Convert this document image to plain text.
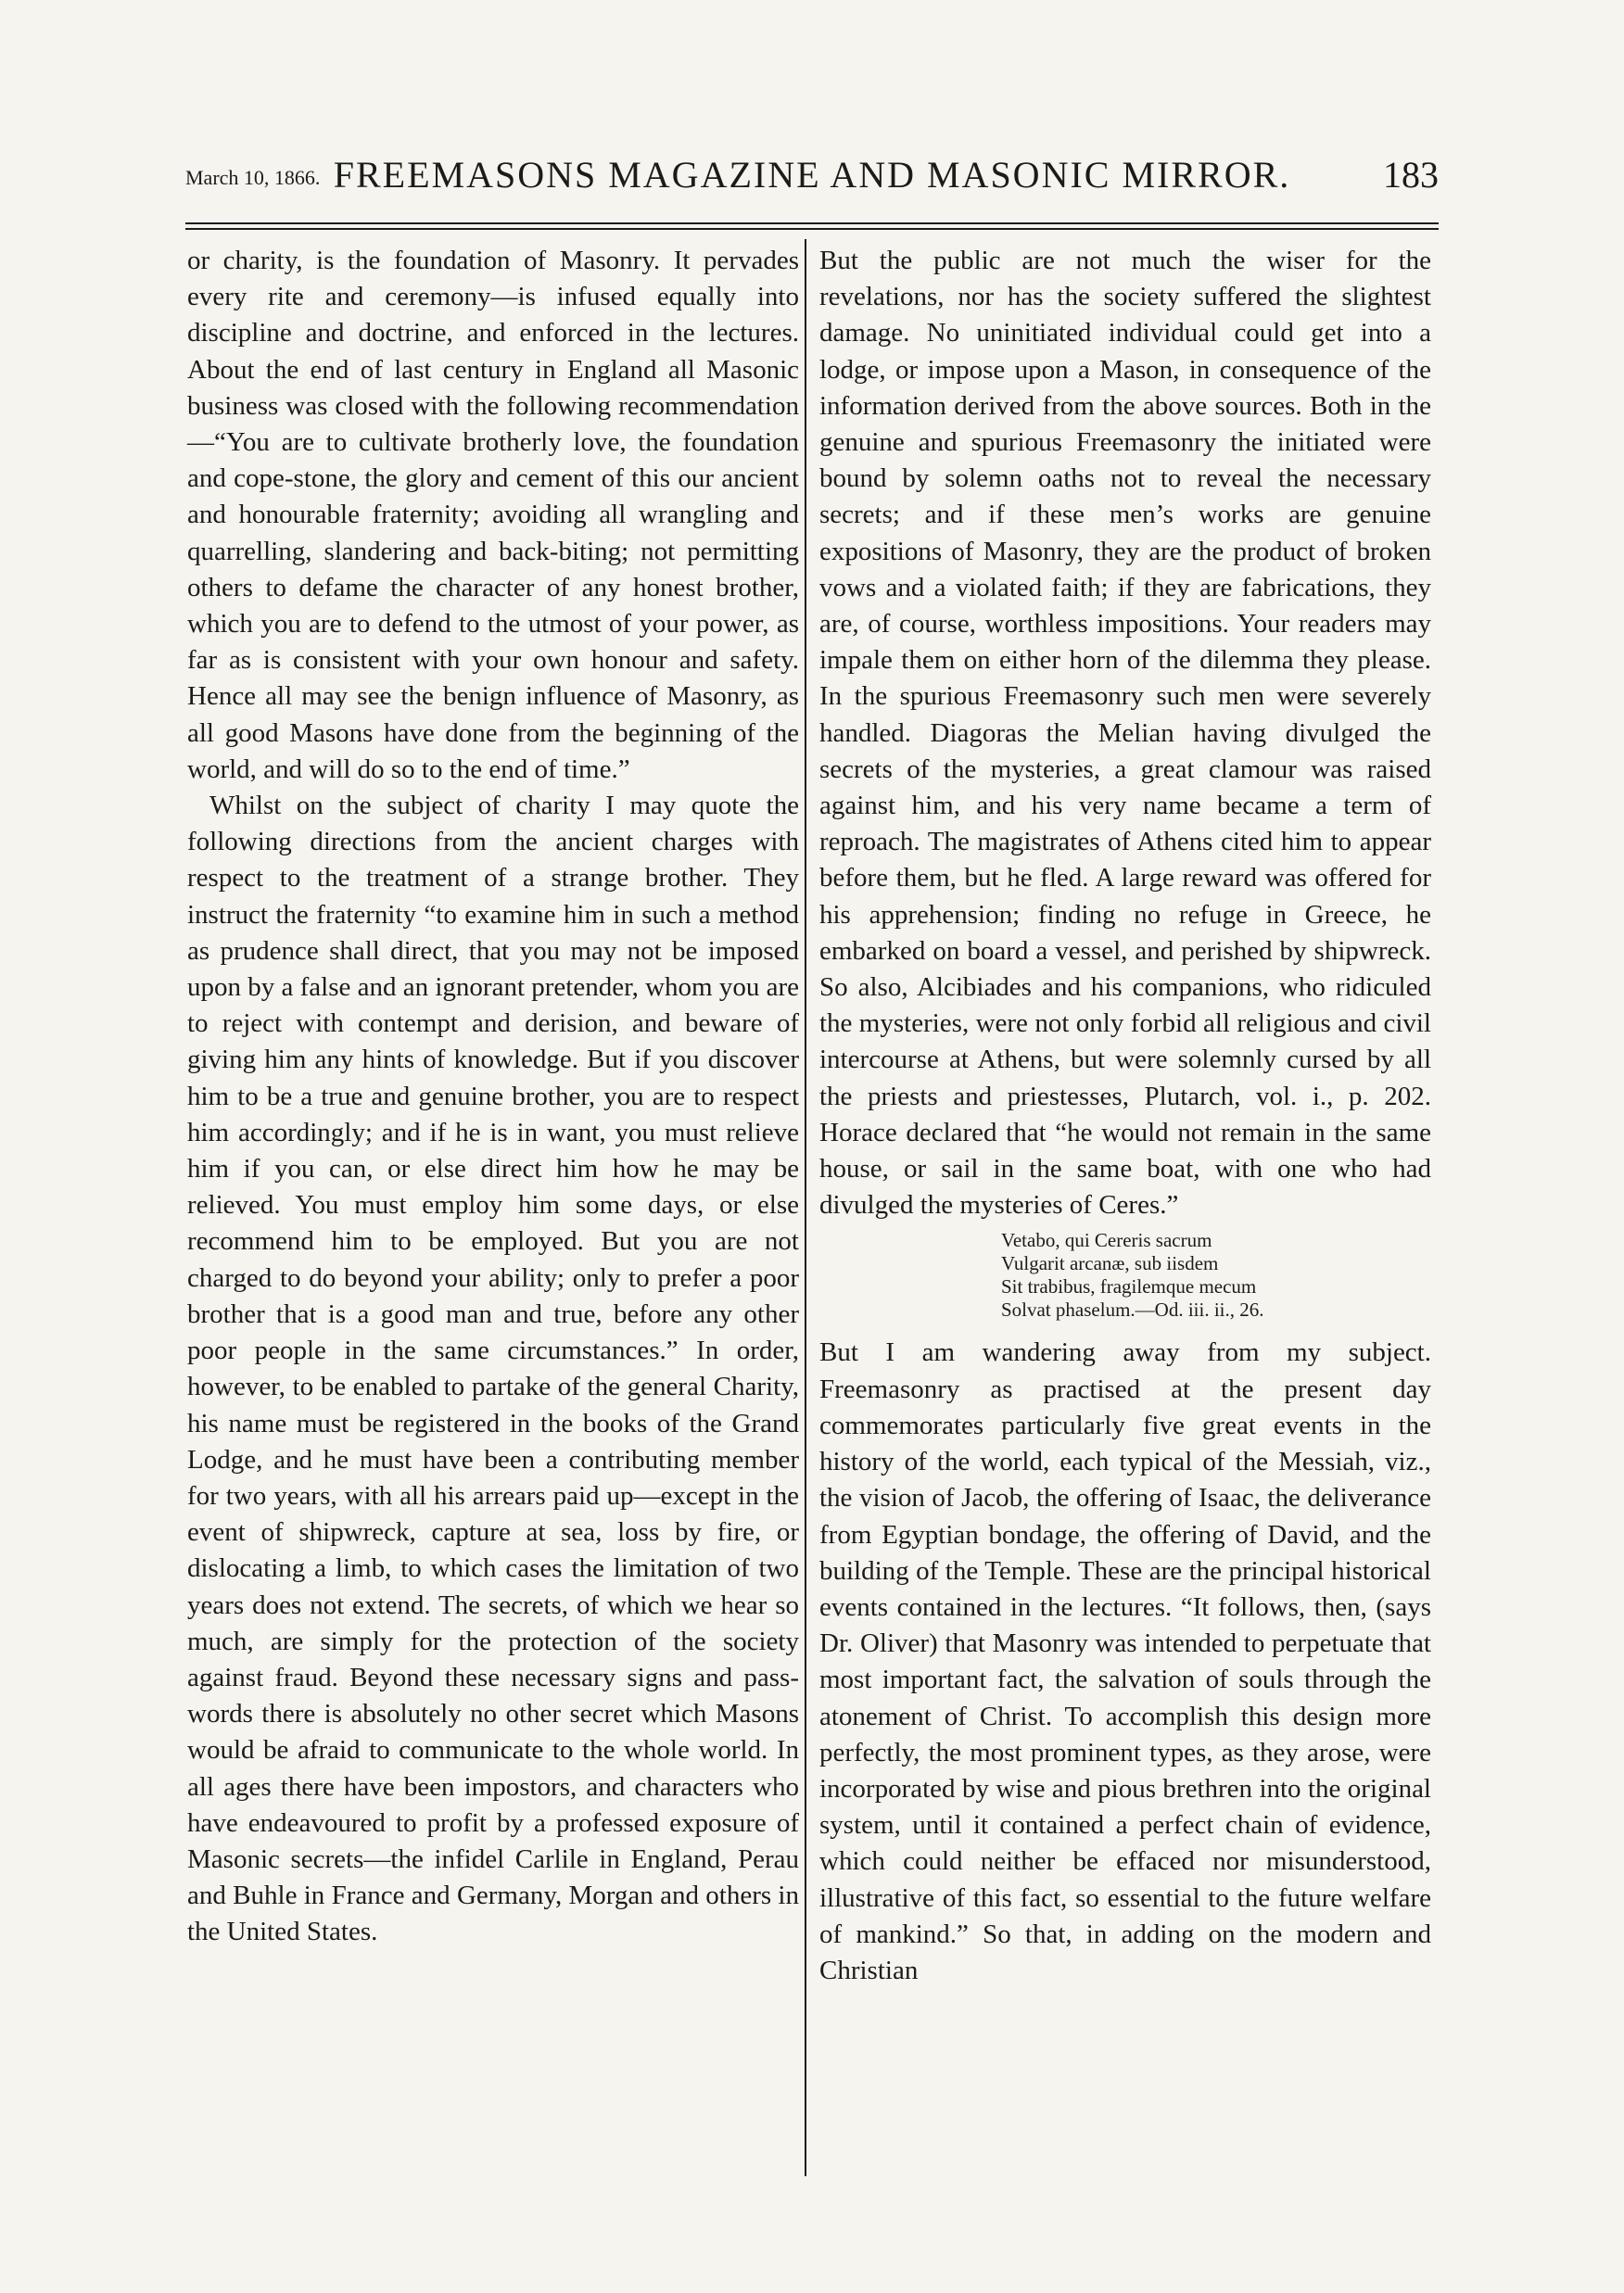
March 10, 1866. FREEMASONS MAGAZINE AND MASONIC MIRROR.	183

or charity, is the foundation of Masonry. It pervades every rite and ceremony—is infused equally into discipline and doctrine, and enforced in the lectures. About the end of last century in England all Masonic business was closed with the following recommendation—“You are to cultivate brotherly love, the foundation and cope-stone, the glory and cement of this our ancient and honourable fraternity; avoiding all wrangling and quarrelling, slandering and back-biting; not permitting others to defame the character of any honest brother, which you are to defend to the utmost of your power, as far as is consistent with your own honour and safety. Hence all may see the benign influence of Masonry, as all good Masons have done from the beginning of the world, and will do so to the end of time.”

Whilst on the subject of charity I may quote the following directions from the ancient charges with respect to the treatment of a strange brother. They instruct the fraternity “to examine him in such a method as prudence shall direct, that you may not be imposed upon by a false and an ignorant pretender, whom you are to reject with contempt and derision, and beware of giving him any hints of knowledge. But if you discover him to be a true and genuine brother, you are to respect him accordingly; and if he is in want, you must relieve him if you can, or else direct him how he may be relieved. You must employ him some days, or else recommend him to be employed. But you are not charged to do beyond your ability; only to prefer a poor brother that is a good man and true, before any other poor people in the same circumstances.” In order, however, to be enabled to partake of the general Charity, his name must be registered in the books of the Grand Lodge, and he must have been a contributing member for two years, with all his arrears paid up—except in the event of shipwreck, capture at sea, loss by fire, or dislocating a limb, to which cases the limitation of two years does not extend. The secrets, of which we hear so much, are simply for the protection of the society against fraud. Beyond these necessary signs and pass-words there is absolutely no other secret which Masons would be afraid to communicate to the whole world. In all ages there have been impostors, and characters who have endeavoured to profit by a professed exposure of Masonic secrets—the infidel Carlile in England, Perau and Buhle in France and Germany, Morgan and others in the United States.

But the public are not much the wiser for the revelations, nor has the society suffered the slightest damage. No uninitiated individual could get into a lodge, or impose upon a Mason, in consequence of the information derived from the above sources. Both in the genuine and spurious Freemasonry the initiated were bound by solemn oaths not to reveal the necessary secrets; and if these men’s works are genuine expositions of Masonry, they are the product of broken vows and a violated faith; if they are fabrications, they are, of course, worthless impositions. Your readers may impale them on either horn of the dilemma they please. In the spurious Freemasonry such men were severely handled. Diagoras the Melian having divulged the secrets of the mysteries, a great clamour was raised against him, and his very name became a term of reproach. The magistrates of Athens cited him to appear before them, but he fled. A large reward was offered for his apprehension; finding no refuge in Greece, he embarked on board a vessel, and perished by shipwreck. So also, Alcibiades and his companions, who ridiculed the mysteries, were not only forbid all religious and civil intercourse at Athens, but were solemnly cursed by all the priests and priestesses, Plutarch, vol. i., p. 202. Horace declared that “he would not remain in the same house, or sail in the same boat, with one who had divulged the mysteries of Ceres.”

Vetabo, qui Cereris sacrum
Vulgarit arcanæ, sub iisdem
Sit trabibus, fragilemque mecum
Solvat phaselum.—Od. iii. ii., 26.

But I am wandering away from my subject. Freemasonry as practised at the present day commemorates particularly five great events in the history of the world, each typical of the Messiah, viz., the vision of Jacob, the offering of Isaac, the deliverance from Egyptian bondage, the offering of David, and the building of the Temple. These are the principal historical events contained in the lectures. “It follows, then, (says Dr. Oliver) that Masonry was intended to perpetuate that most important fact, the salvation of souls through the atonement of Christ. To accomplish this design more perfectly, the most prominent types, as they arose, were incorporated by wise and pious brethren into the original system, until it contained a perfect chain of evidence, which could neither be effaced nor misunderstood, illustrative of this fact, so essential to the future welfare of mankind.” So that, in adding on the modern and Christian
